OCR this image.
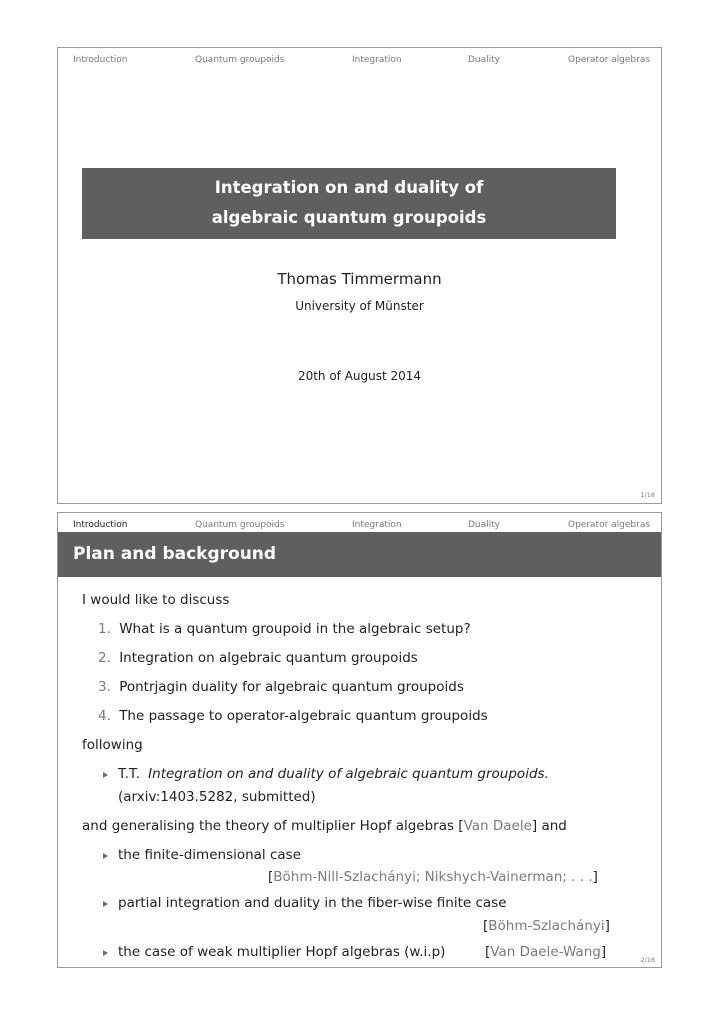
Introduction	Quantum groupoids	Integration	Duality	Operator algebras
Integration on and duality of
algebraic quantum groupoids
Thomas Timmermann
University of Münster
20th of August 2014
1/18
Introduction	Quantum groupoids	Integration	Duality	Operator algebras
Plan and background
I would like to discuss
1. What is a quantum groupoid in the algebraic setup?
2. Integration on algebraic quantum groupoids
3. Pontrjagin duality for algebraic quantum groupoids
4. The passage to operator-algebraic quantum groupoids
following
T.T. Integration on and duality of algebraic quantum groupoids.
(arxiv:1403.5282, submitted)
and generalising the theory of multiplier Hopf algebras [Van Daele] and
the finite-dimensional case
[Böhm-Nill-Szlachányi; Nikshych-Vainerman; . . .]
partial integration and duality in the fiber-wise finite case
[Böhm-Szlachányi]
the case of weak multiplier Hopf algebras (w.i.p)	[Van Daele-Wang]	2/18
